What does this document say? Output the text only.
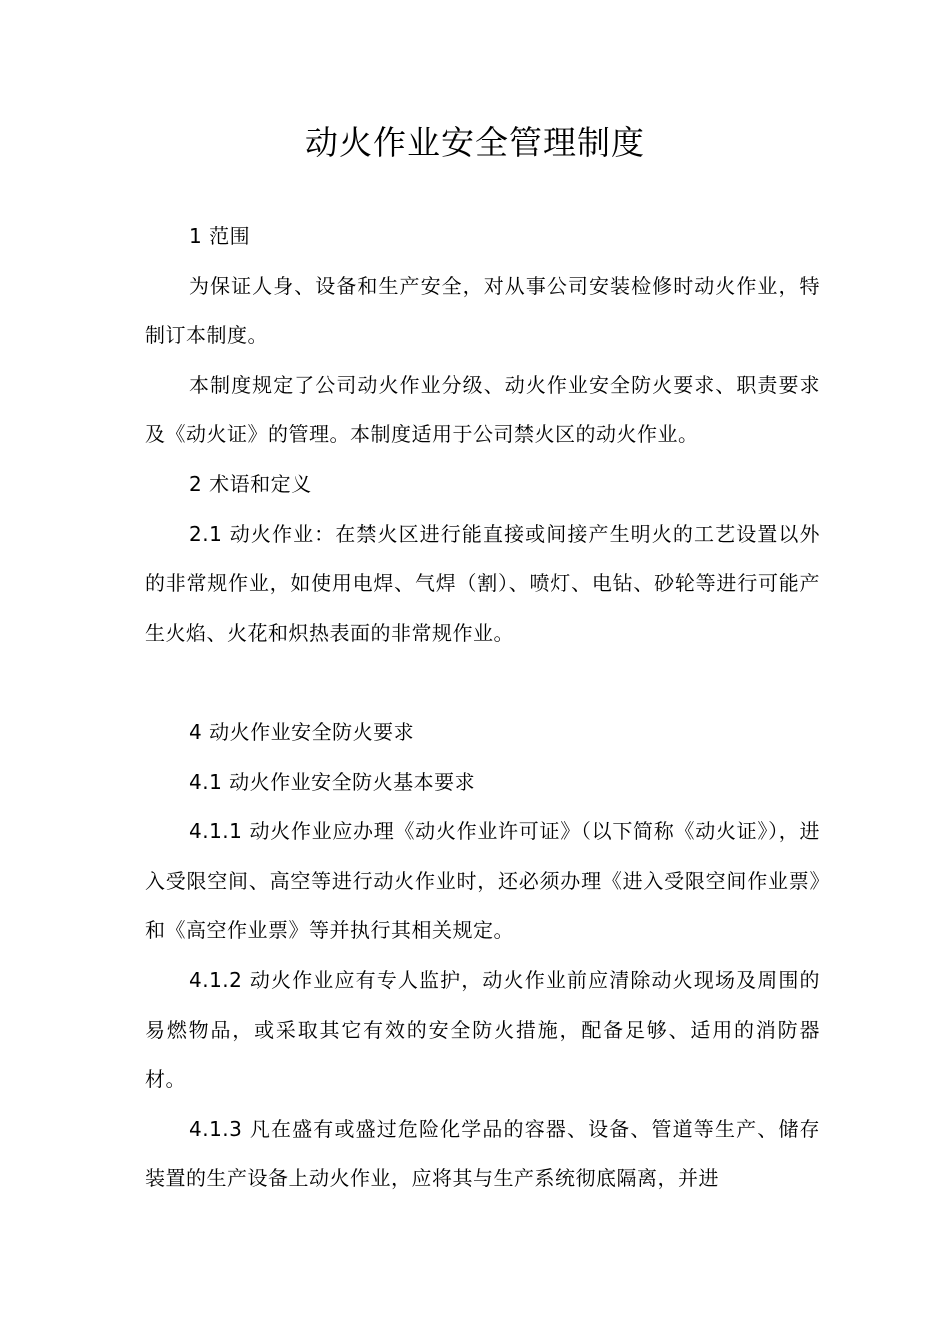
动火作业安全管理制度

1 范围

为保证人身、设备和生产安全，对从事公司安装检修时动火作业，特制订本制度。

本制度规定了公司动火作业分级、动火作业安全防火要求、职责要求及《动火证》的管理。本制度适用于公司禁火区的动火作业。

2 术语和定义

2.1 动火作业：在禁火区进行能直接或间接产生明火的工艺设置以外的非常规作业，如使用电焊、气焊（割）、喷灯、电钻、砂轮等进行可能产生火焰、火花和炽热表面的非常规作业。

4 动火作业安全防火要求

4.1 动火作业安全防火基本要求

4.1.1 动火作业应办理《动火作业许可证》（以下简称《动火证》），进入受限空间、高空等进行动火作业时，还必须办理《进入受限空间作业票》和《高空作业票》等并执行其相关规定。

4.1.2 动火作业应有专人监护，动火作业前应清除动火现场及周围的易燃物品，或采取其它有效的安全防火措施，配备足够、适用的消防器材。

4.1.3 凡在盛有或盛过危险化学品的容器、设备、管道等生产、储存装置的生产设备上动火作业，应将其与生产系统彻底隔离，并进
